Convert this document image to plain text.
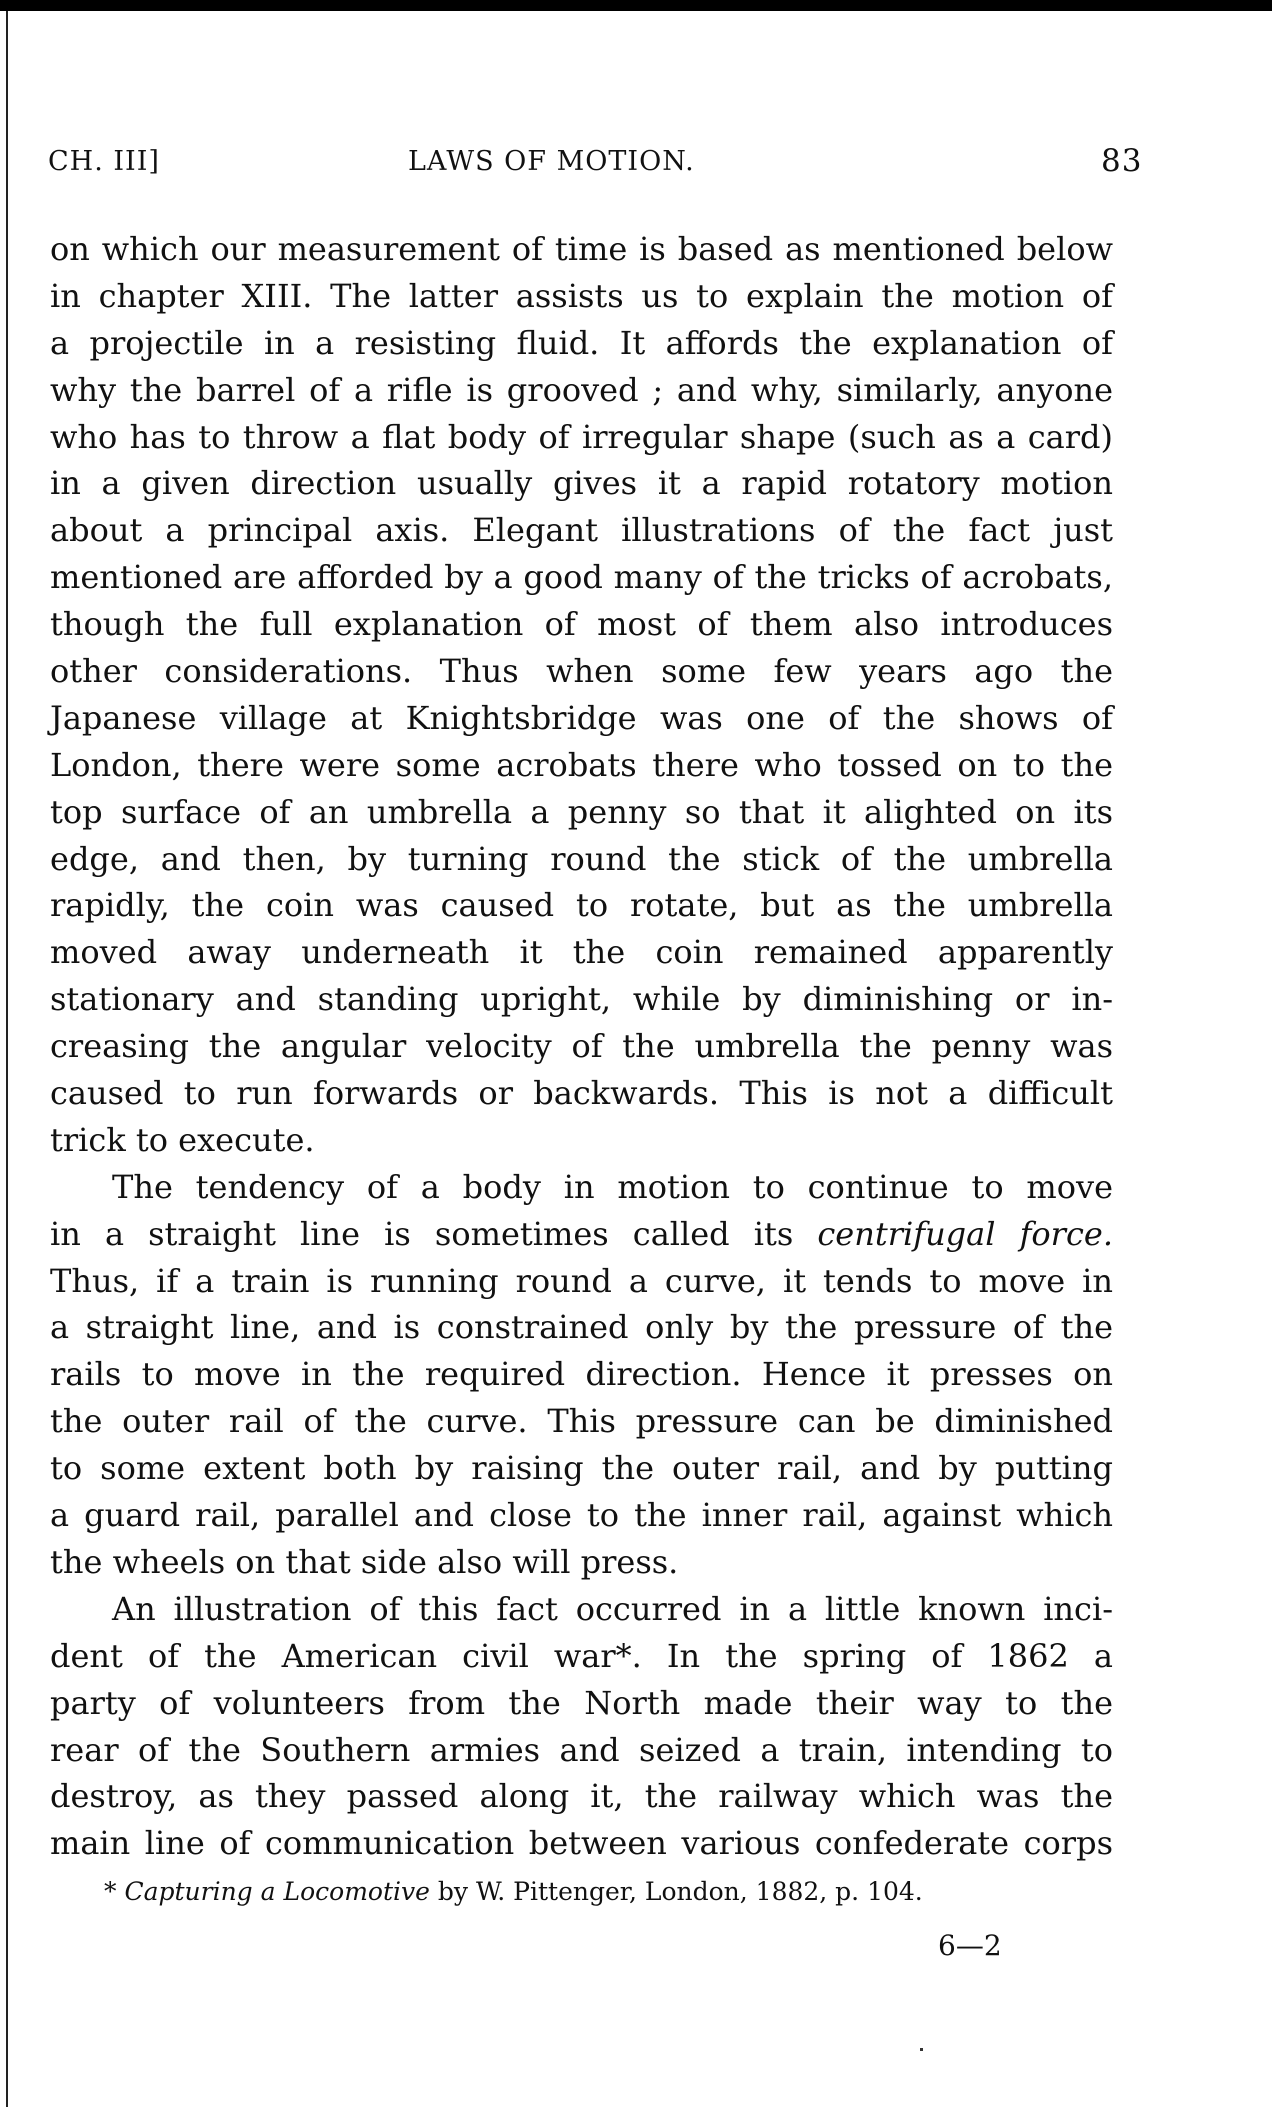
CH. III]	LAWS OF MOTION.	83
on which our measurement of time is based as mentioned below
in chapter XIII. The latter assists us to explain the motion of
a projectile in a resisting fluid. It affords the explanation of
why the barrel of a rifle is grooved ; and why, similarly, anyone
who has to throw a flat body of irregular shape (such as a card)
in a given direction usually gives it a rapid rotatory motion
about a principal axis. Elegant illustrations of the fact just
mentioned are afforded by a good many of the tricks of acrobats,
though the full explanation of most of them also introduces
other considerations. Thus when some few years ago the
Japanese village at Knightsbridge was one of the shows of
London, there were some acrobats there who tossed on to the
top surface of an umbrella a penny so that it alighted on its
edge, and then, by turning round the stick of the umbrella
rapidly, the coin was caused to rotate, but as the umbrella
moved away underneath it the coin remained apparently
stationary and standing upright, while by diminishing or in-
creasing the angular velocity of the umbrella the penny was
caused to run forwards or backwards. This is not a difficult
trick to execute.
The tendency of a body in motion to continue to move
in a straight line is sometimes called its centrifugal force.
Thus, if a train is running round a curve, it tends to move in
a straight line, and is constrained only by the pressure of the
rails to move in the required direction. Hence it presses on
the outer rail of the curve. This pressure can be diminished
to some extent both by raising the outer rail, and by putting
a guard rail, parallel and close to the inner rail, against which
the wheels on that side also will press.
An illustration of this fact occurred in a little known inci-
dent of the American civil war*. In the spring of 1862 a
party of volunteers from the North made their way to the
rear of the Southern armies and seized a train, intending to
destroy, as they passed along it, the railway which was the
main line of communication between various confederate corps
* Capturing a Locomotive by W. Pittenger, London, 1882, p. 104.
6—2
